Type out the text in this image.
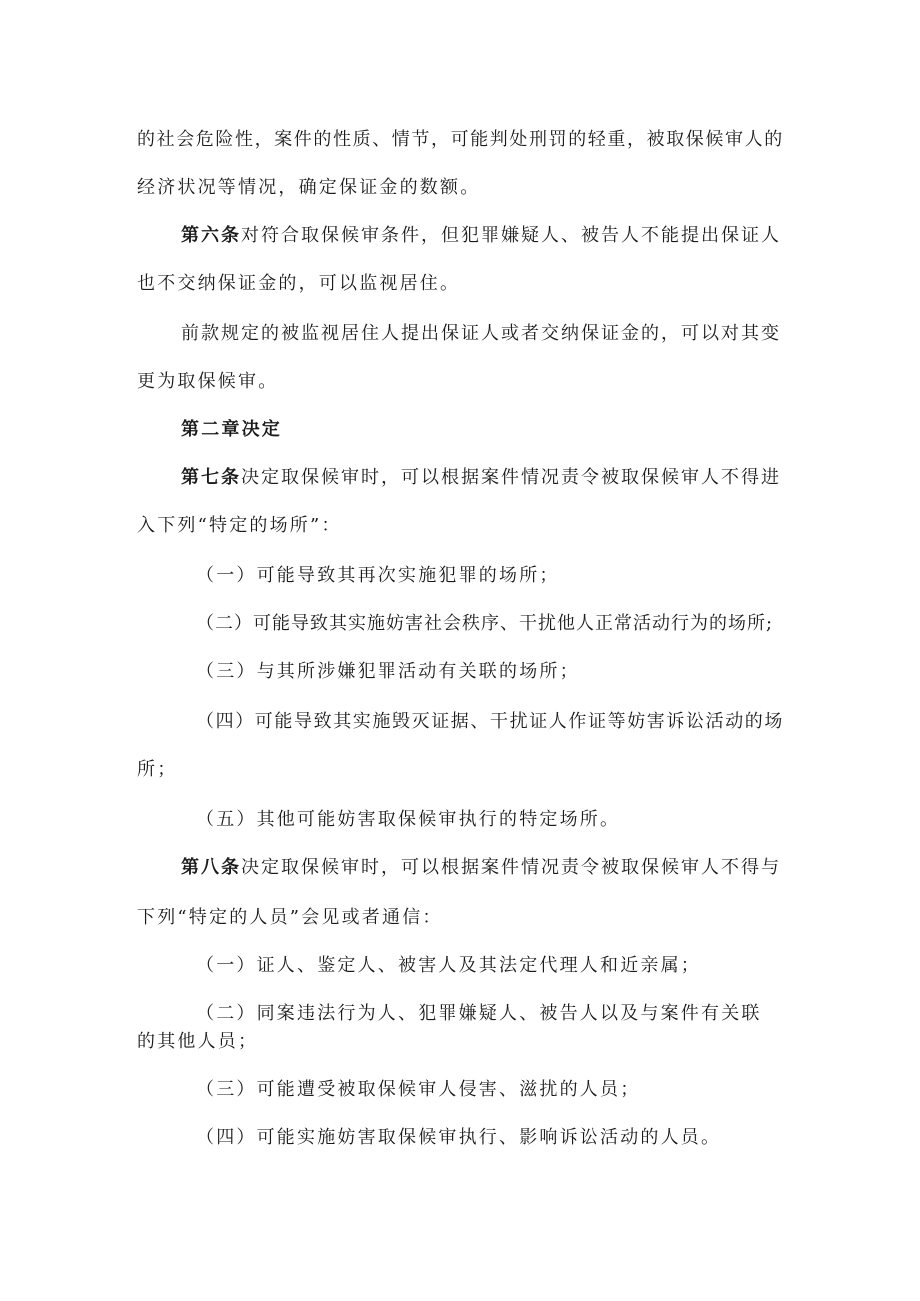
的社会危险性，案件的性质、情节，可能判处刑罚的轻重，被取保候审人的
经济状况等情况，确定保证金的数额。
第六条对符合取保候审条件，但犯罪嫌疑人、被告人不能提出保证人
也不交纳保证金的，可以监视居住。
前款规定的被监视居住人提出保证人或者交纳保证金的，可以对其变
更为取保候审。
第二章决定
第七条决定取保候审时，可以根据案件情况责令被取保候审人不得进
入下列“特定的场所”：
（一）可能导致其再次实施犯罪的场所；
（二）可能导致其实施妨害社会秩序、干扰他人正常活动行为的场所;
（三）与其所涉嫌犯罪活动有关联的场所；
（四）可能导致其实施毁灭证据、干扰证人作证等妨害诉讼活动的场
所；
（五）其他可能妨害取保候审执行的特定场所。
第八条决定取保候审时，可以根据案件情况责令被取保候审人不得与
下列“特定的人员”会见或者通信：
（一）证人、鉴定人、被害人及其法定代理人和近亲属；
（二）同案违法行为人、犯罪嫌疑人、被告人以及与案件有关联
的其他人员；
（三）可能遭受被取保候审人侵害、滋扰的人员；
（四）可能实施妨害取保候审执行、影响诉讼活动的人员。
